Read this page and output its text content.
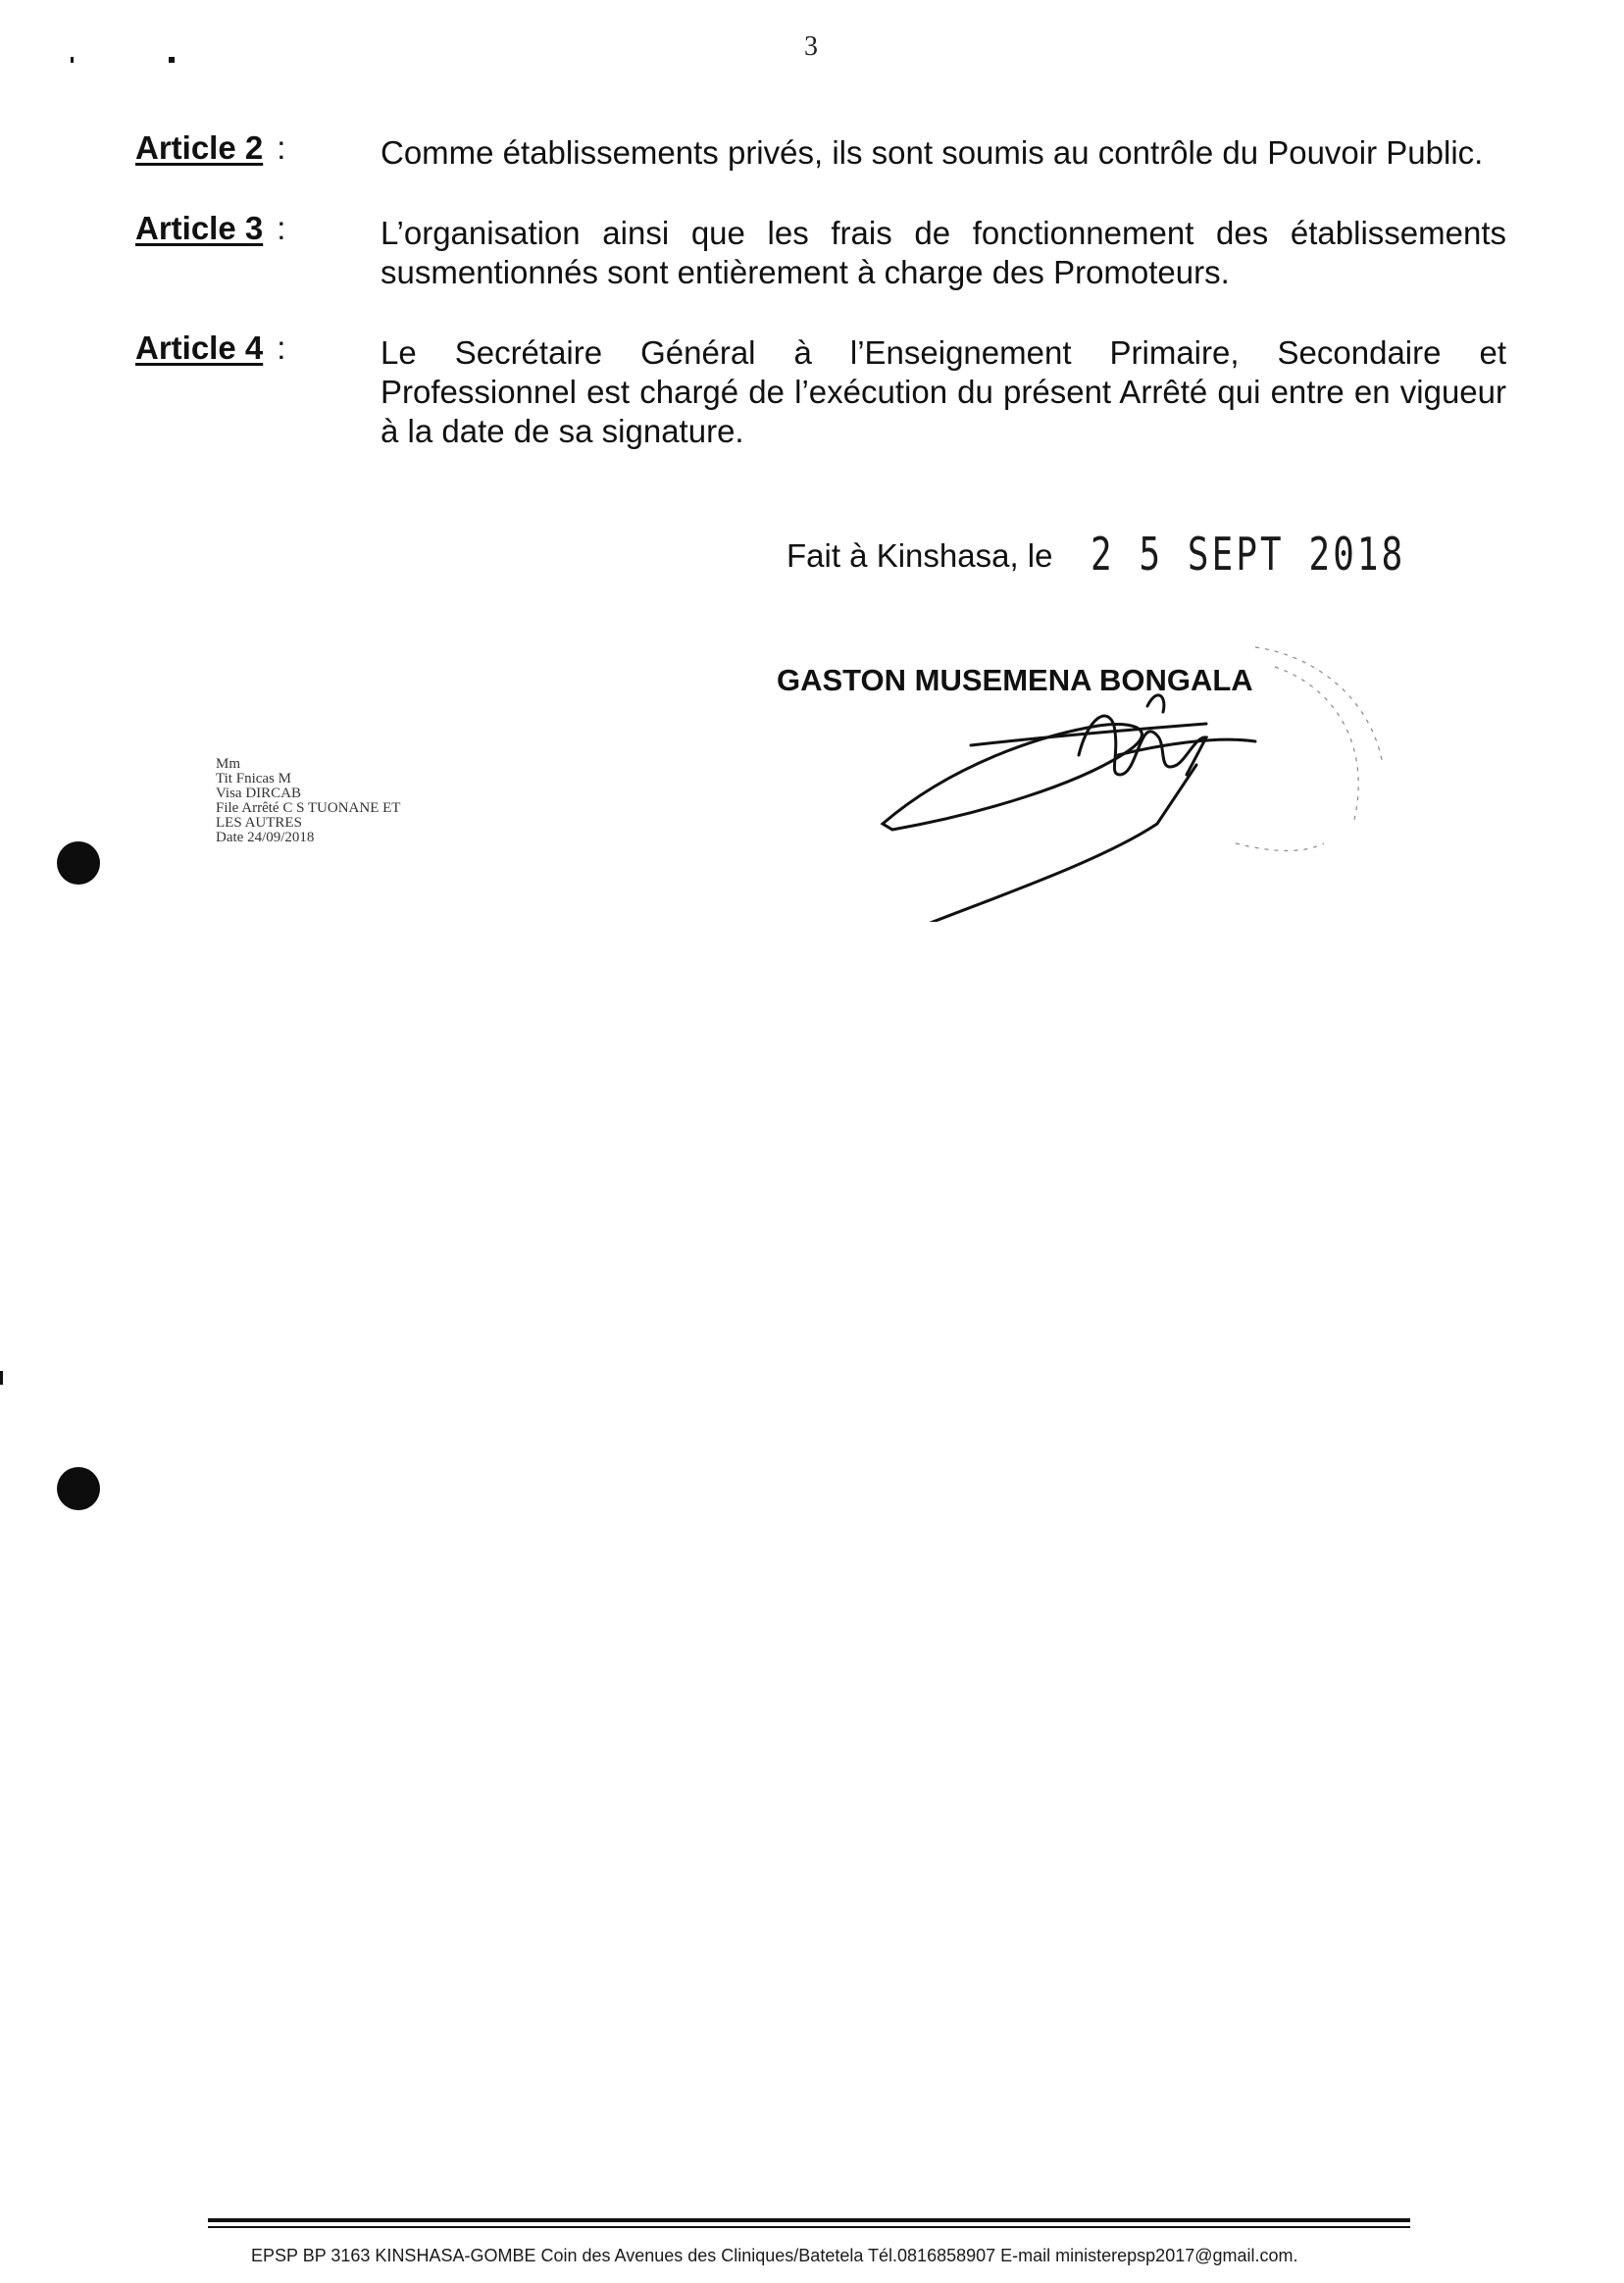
3
Article 2 :	Comme établissements privés, ils sont soumis au contrôle du Pouvoir Public.
Article 3 :	L’organisation ainsi que les frais de fonctionnement des établissements susmentionnés sont entièrement à charge des Promoteurs.
Article 4 :	Le Secrétaire Général à l’Enseignement Primaire, Secondaire et Professionnel est chargé de l’exécution du présent Arrêté qui entre en vigueur à la date de sa signature.
Fait à Kinshasa, le 2 5 SEPT 2018
GASTON MUSEMENA BONGALA
Mm
Tit Fnicas M
Visa DIRCAB
File Arrêté C S TUONANE ET
LES AUTRES
Date 24/09/2018
EPSP BP 3163 KINSHASA-GOMBE Coin des Avenues des Cliniques/Batetela Tél.0816858907 E-mail ministerepsp2017@gmail.com.
